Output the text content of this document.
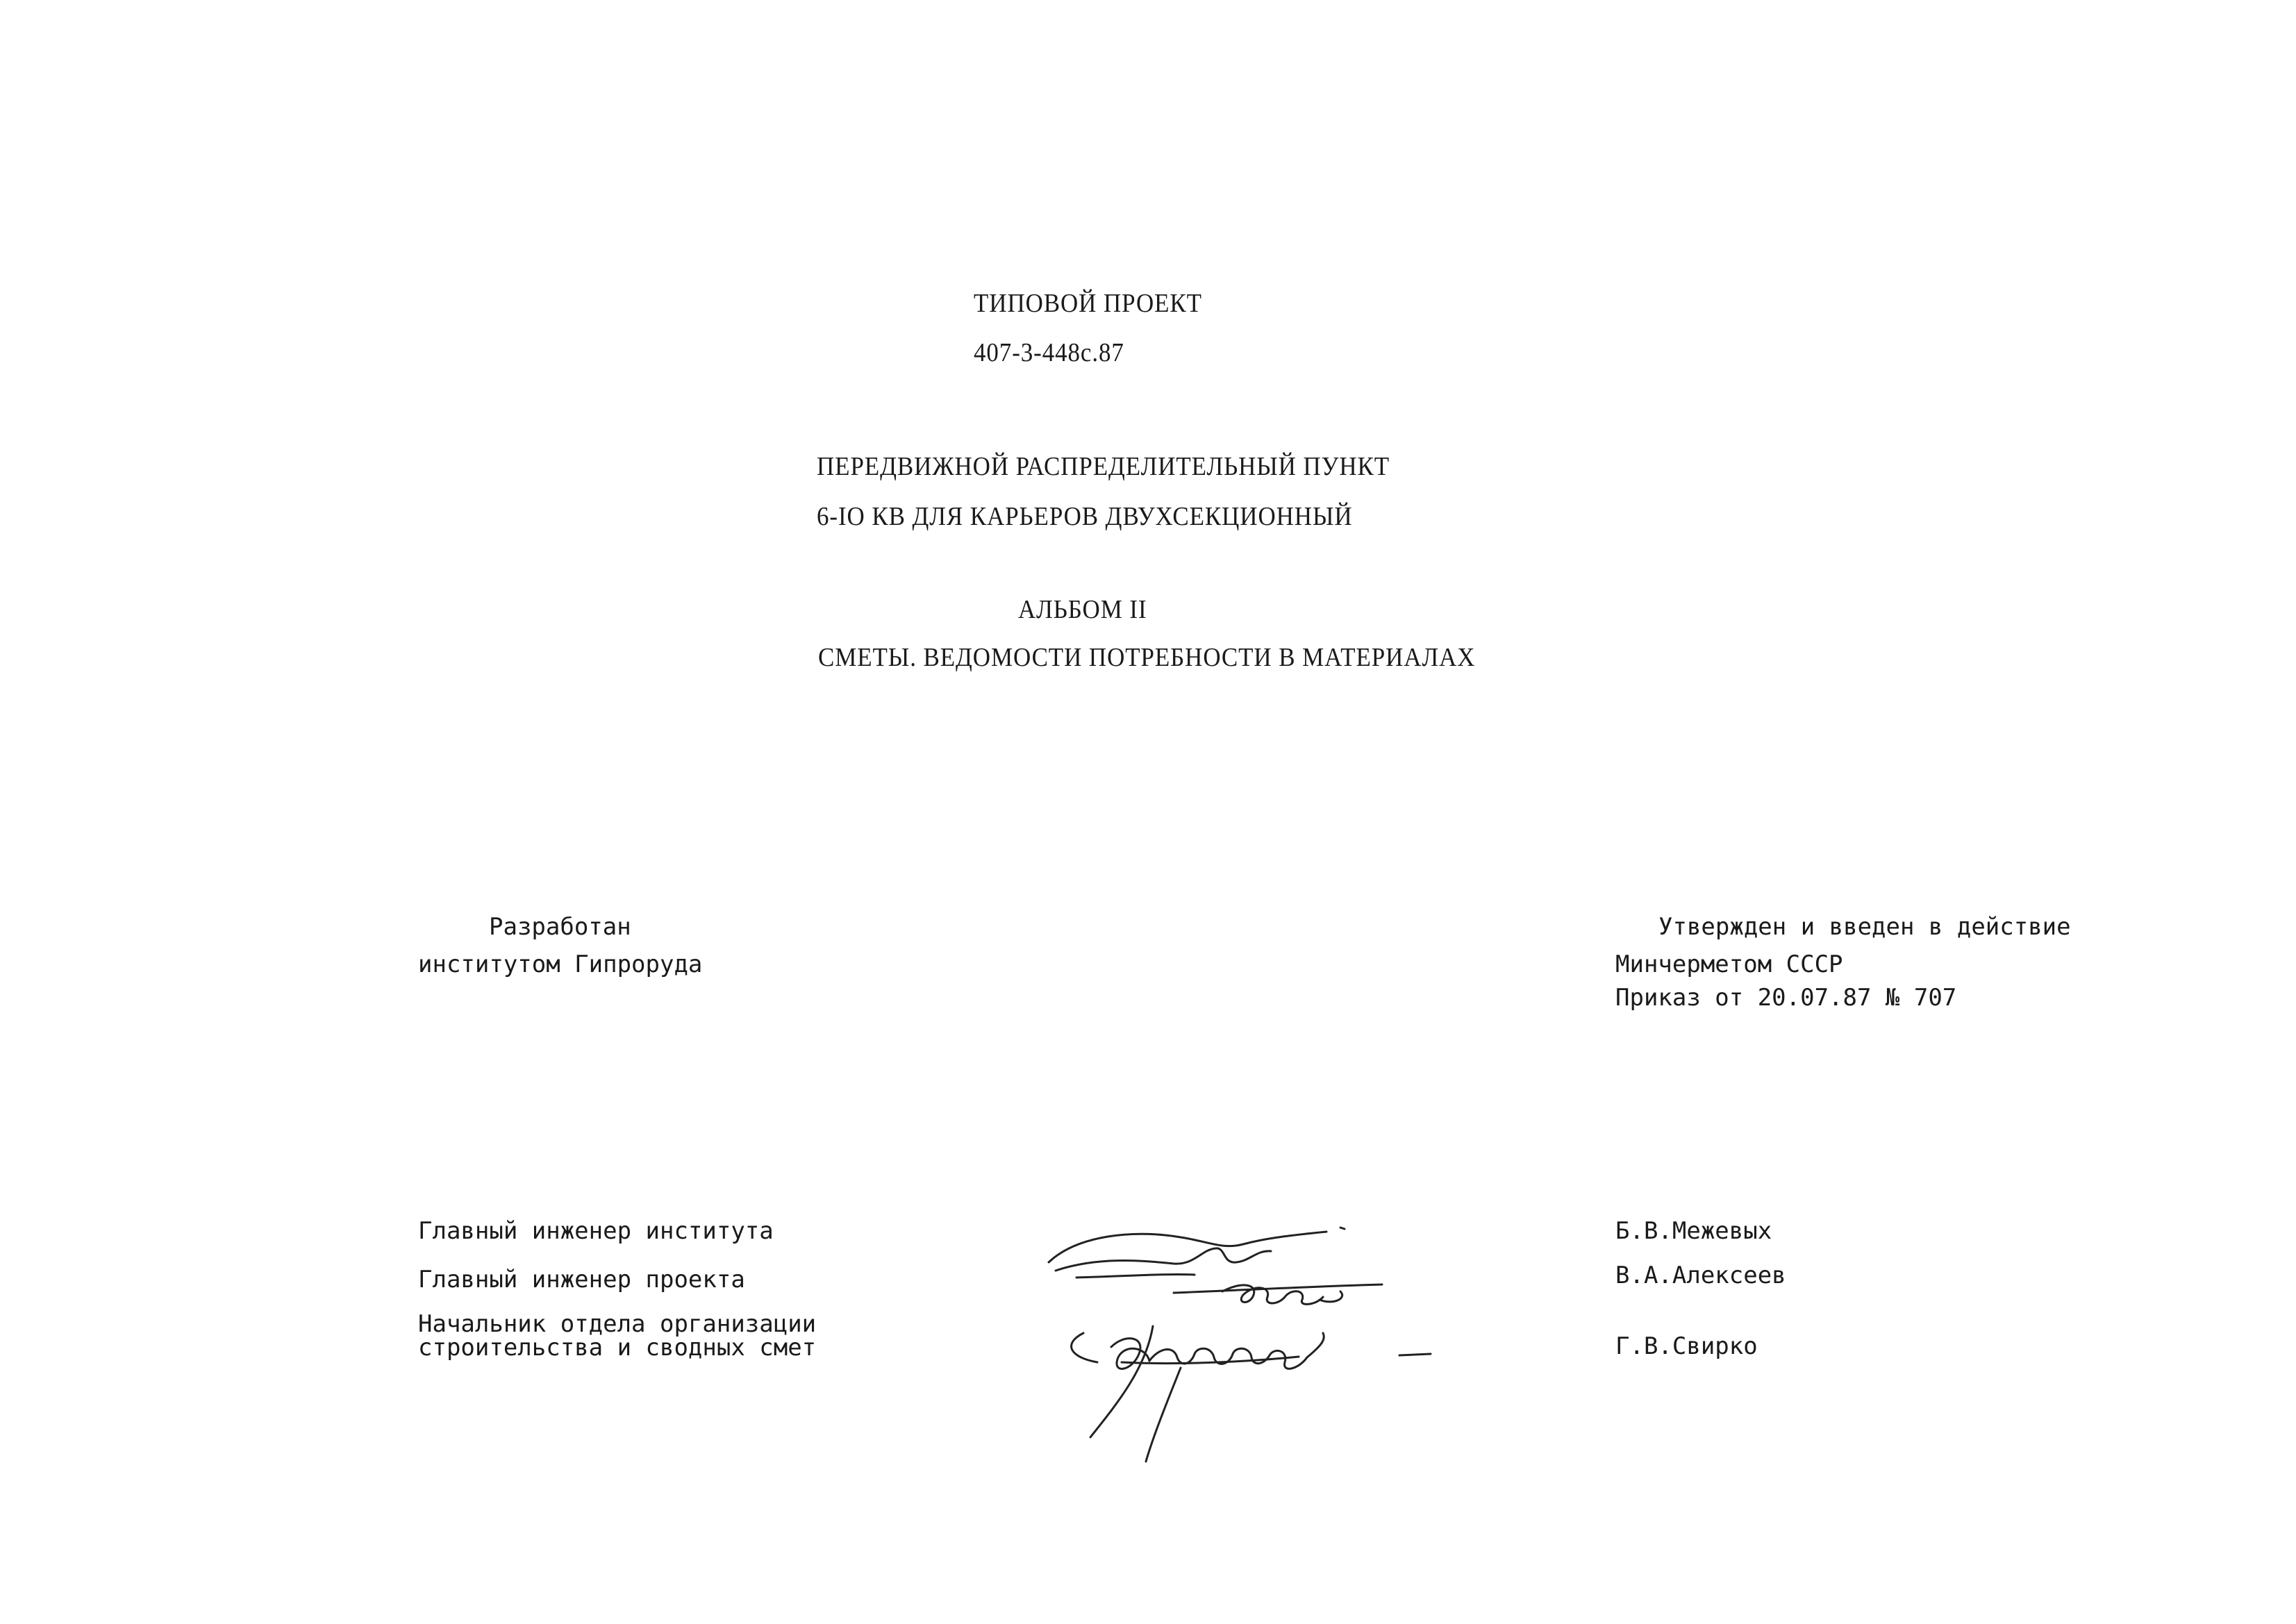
ТИПОВОЙ ПРОЕКТ
407-3-448с.87
ПЕРЕДВИЖНОЙ РАСПРЕДЕЛИТЕЛЬНЫЙ ПУНКТ
6-IO КВ ДЛЯ КАРЬЕРОВ ДВУХСЕКЦИОННЫЙ
АЛЬБОМ II
СМЕТЫ. ВЕДОМОСТИ ПОТРЕБНОСТИ В МАТЕРИАЛАХ
Разработан
институтом Гипроруда
Утвержден и введен в действие
Минчерметом СССР
Приказ от 20.07.87 № 707
Главный инженер института	Б.В.Межевых
Главный инженер проекта	В.А.Алексеев
Начальник отдела организации
строительства и сводных смет	Г.В.Свирко
